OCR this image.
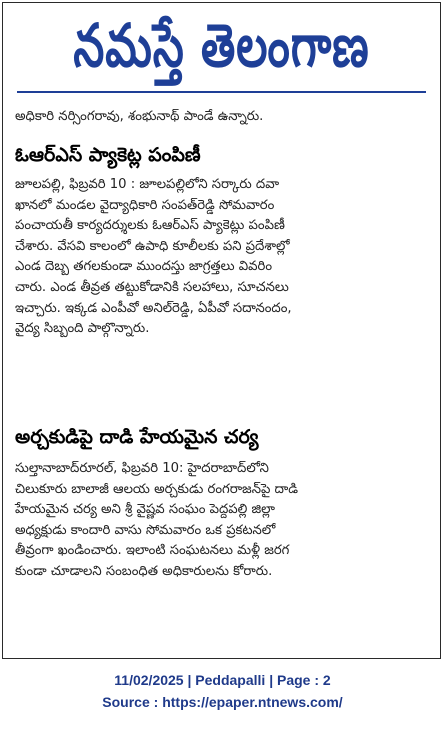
నమస్తే తెలంగాణ
అధికారి నర్సింగరావు, శంభునాథ్ పాండే ఉన్నారు.
ఓఆర్ఎస్ ప్యాకెట్ల పంపిణీ
జూలపల్లి, ఫిబ్రవరి 10 : జూలపల్లిలోని సర్కారు దవా
ఖానలో మండల వైద్యాధికారి సంపత్‌రెడ్డి సోమవారం
పంచాయతీ కార్యదర్శులకు ఓఆర్ఎస్ ప్యాకెట్లు పంపిణీ
చేశారు. వేసవి కాలంలో ఉపాధి కూలీలకు పని ప్రదేశాల్లో
ఎండ దెబ్బ తగలకుండా ముందస్తు జాగ్రత్తలు వివరిం
చారు. ఎండ తీవ్రత తట్టుకోడానికి సలహాలు, సూచనలు
ఇచ్చారు. ఇక్కడ ఎంపీవో అనిల్‌రెడ్డి, ఏపీవో సదానందం,
వైద్య సిబ్బంది పాల్గొన్నారు.
అర్చకుడిపై దాడి హేయమైన చర్య
సుల్తానాబాద్‌రూరల్, ఫిబ్రవరి 10: హైదరాబాద్‌లోని
చిలుకూరు బాలాజీ ఆలయ అర్చకుడు రంగరాజన్‌పై దాడి
హేయమైన చర్య అని శ్రీ వైష్ణవ సంఘం పెద్దపల్లి జిల్లా
అధ్యక్షుడు కాందారి వాసు సోమవారం ఒక ప్రకటనలో
తీవ్రంగా ఖండించారు. ఇలాంటి సంఘటనలు మళ్లీ జరగ
కుండా చూడాలని సంబంధిత అధికారులను కోరారు.
11/02/2025 | Peddapalli | Page : 2
Source : https://epaper.ntnews.com/
